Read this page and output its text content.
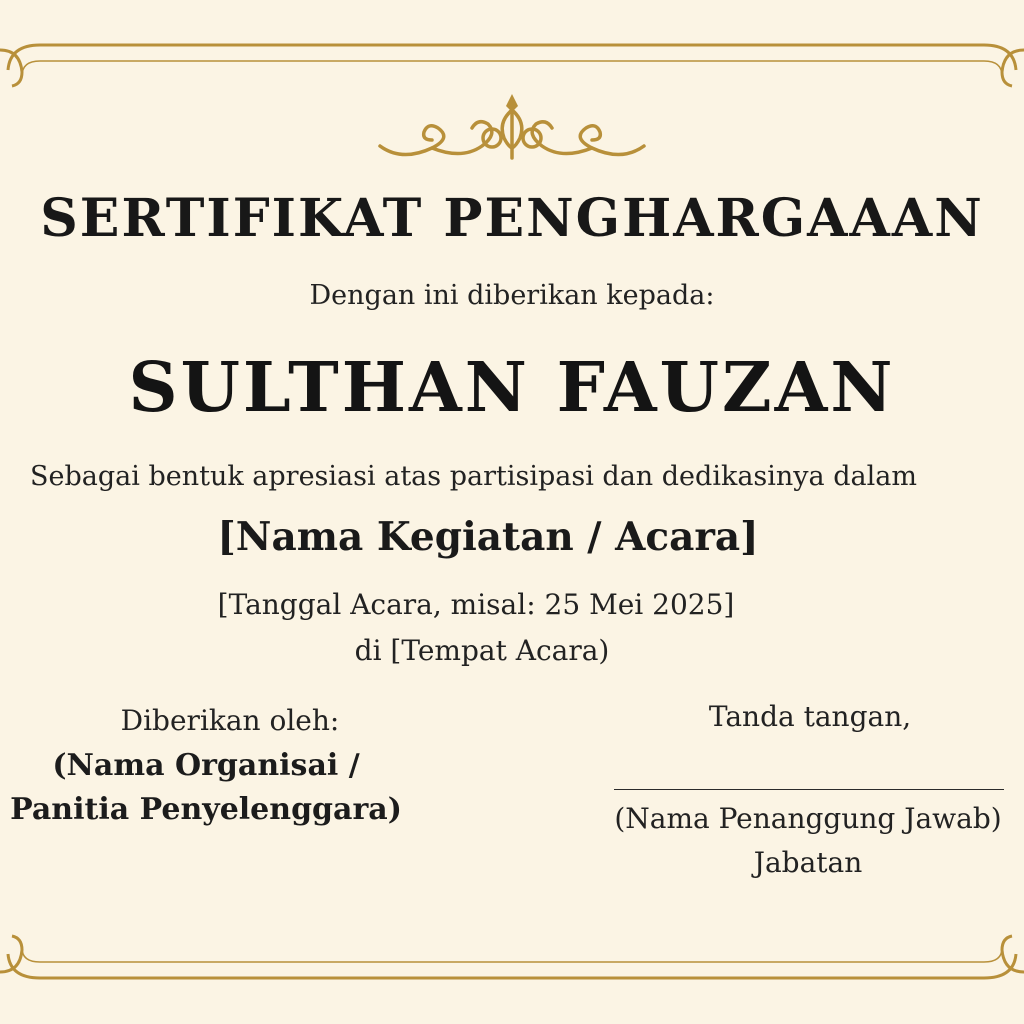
SERTIFIKAT PENGHARGAAAN

Dengan ini diberikan kepada:

SULTHAN FAUZAN

Sebagai bentuk apresiasi atas partisipasi dan dedikasinya dalam

[Nama Kegiatan / Acara]

[Tanggal Acara, misal: 25 Mei 2025]

di [Tempat Acara)

Diberikan oleh:

(Nama Organisai /

Panitia Penyelenggara)

Tanda tangan,

(Nama Penanggung Jawab)

Jabatan
